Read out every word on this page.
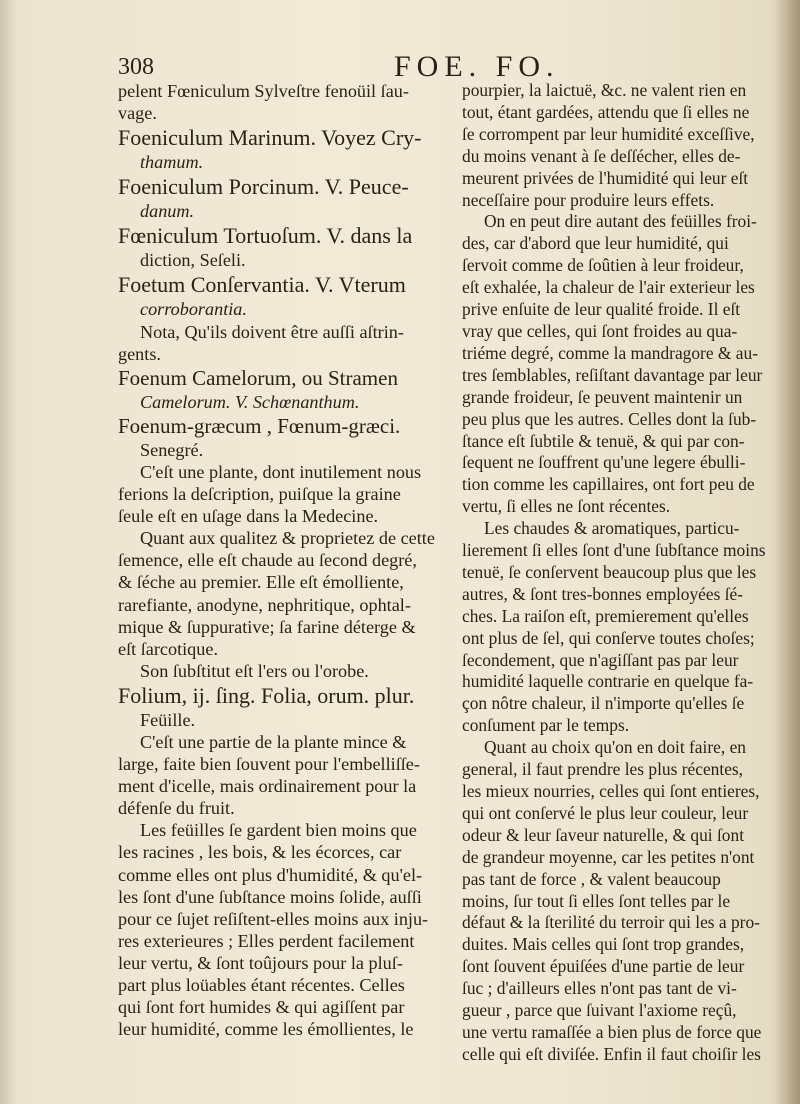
308	FOE. FO.
pelent Fœniculum Sylveſtre fenoüil ſau-
vage.
Foeniculum Marinum. Voyez Cry-
thamum.
Foeniculum Porcinum. V. Peuce-
danum.
Fœniculum Tortuoſum. V. dans la
diction, Seſeli.
Foetum Conſervantia. V. Vterum
corroborantia.
Nota, Qu'ils doivent être auſſi aſtrin-
gents.
Foenum Camelorum, ou Stramen
Camelorum. V. Schœnanthum.
Foenum-græcum , Fœnum-græci.
Senegré.
C'eſt une plante, dont inutilement nous
ferions la deſcription, puiſque la graine
ſeule eſt en uſage dans la Medecine.
Quant aux qualitez & proprietez de cette
ſemence, elle eſt chaude au ſecond degré,
& ſéche au premier. Elle eſt émolliente,
rarefiante, anodyne, nephritique, ophtal-
mique & ſuppurative; ſa farine déterge &
eſt ſarcotique.
Son ſubſtitut eſt l'ers ou l'orobe.
Folium, ij. ſing. Folia, orum. plur.
Feüille.
C'eſt une partie de la plante mince &
large, faite bien ſouvent pour l'embelliſſe-
ment d'icelle, mais ordinairement pour la
défenſe du fruit.
Les feüilles ſe gardent bien moins que
les racines , les bois, & les écorces, car
comme elles ont plus d'humidité, & qu'el-
les ſont d'une ſubſtance moins ſolide, auſſi
pour ce ſujet reſiſtent-elles moins aux inju-
res exterieures ; Elles perdent facilement
leur vertu, & ſont toûjours pour la pluſ-
part plus loüables étant récentes. Celles
qui ſont fort humides & qui agiſſent par
leur humidité, comme les émollientes, le
pourpier, la laictuë, &c. ne valent rien en
tout, étant gardées, attendu que ſi elles ne
ſe corrompent par leur humidité exceſſive,
du moins venant à ſe deſſécher, elles de-
meurent privées de l'humidité qui leur eſt
neceſſaire pour produire leurs effets.
On en peut dire autant des feüilles froi-
des, car d'abord que leur humidité, qui
ſervoit comme de ſoûtien à leur froideur,
eſt exhalée, la chaleur de l'air exterieur les
prive enſuite de leur qualité froide. Il eſt
vray que celles, qui ſont froides au qua-
triéme degré, comme la mandragore & au-
tres ſemblables, reſiſtant davantage par leur
grande froideur, ſe peuvent maintenir un
peu plus que les autres. Celles dont la ſub-
ſtance eſt ſubtile & tenuë, & qui par con-
ſequent ne ſouffrent qu'une legere ébulli-
tion comme les capillaires, ont fort peu de
vertu, ſi elles ne ſont récentes.
Les chaudes & aromatiques, particu-
lierement ſi elles ſont d'une ſubſtance moins
tenuë, ſe conſervent beaucoup plus que les
autres, & ſont tres-bonnes employées ſé-
ches. La raiſon eſt, premierement qu'elles
ont plus de ſel, qui conſerve toutes choſes;
ſecondement, que n'agiſſant pas par leur
humidité laquelle contrarie en quelque fa-
çon nôtre chaleur, il n'importe qu'elles ſe
conſument par le temps.
Quant au choix qu'on en doit faire, en
general, il faut prendre les plus récentes,
les mieux nourries, celles qui ſont entieres,
qui ont conſervé le plus leur couleur, leur
odeur & leur ſaveur naturelle, & qui ſont
de grandeur moyenne, car les petites n'ont
pas tant de force , & valent beaucoup
moins, ſur tout ſi elles ſont telles par le
défaut & la ſterilité du terroir qui les a pro-
duites. Mais celles qui ſont trop grandes,
ſont ſouvent épuiſées d'une partie de leur
ſuc ; d'ailleurs elles n'ont pas tant de vi-
gueur , parce que ſuivant l'axiome reçû,
une vertu ramaſſée a bien plus de force que
celle qui eſt diviſée. Enfin il faut choiſir les
